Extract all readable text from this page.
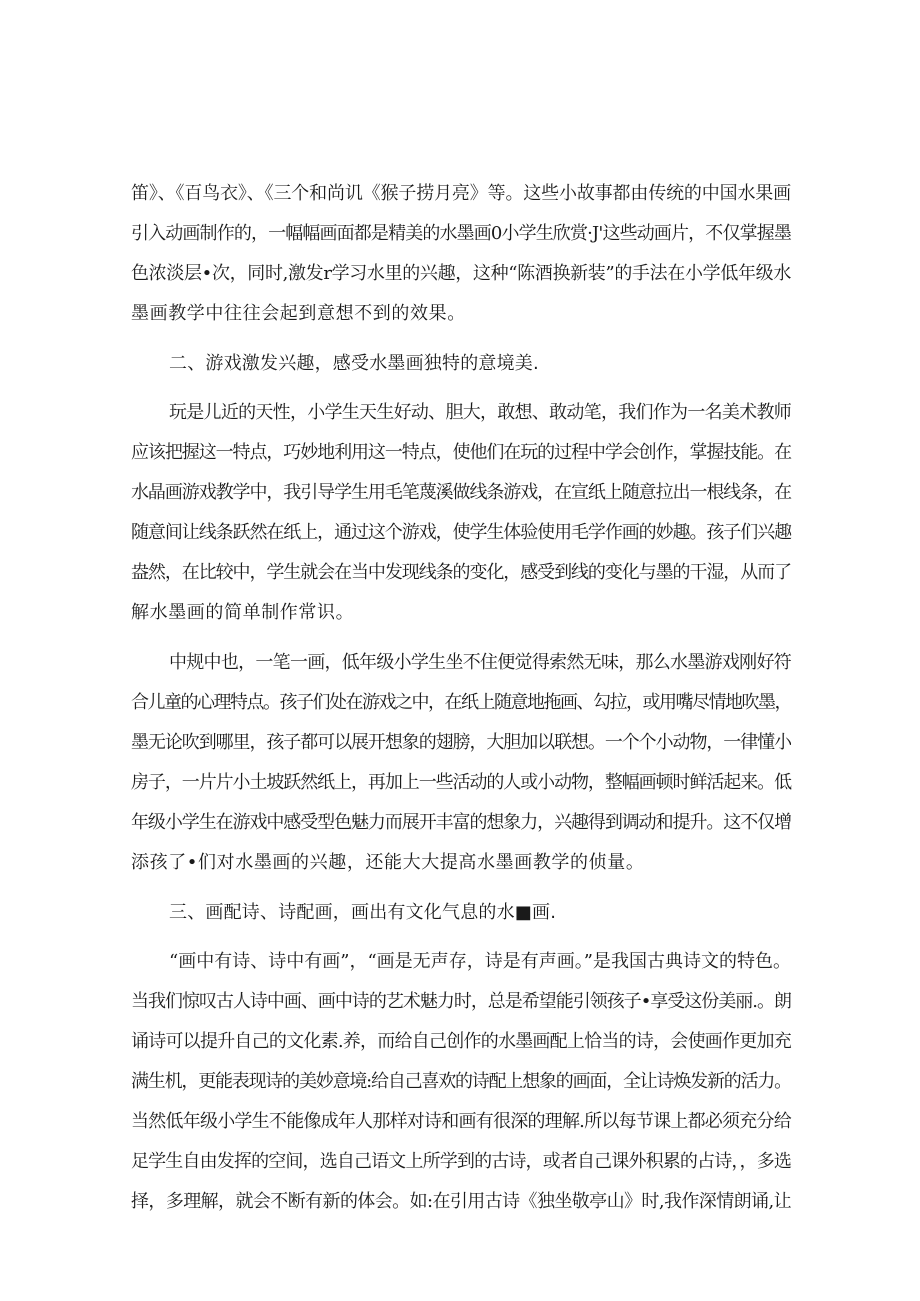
笛》、《百鸟衣》、《三个和尚讥《猴子捞月亮》等。这些小故事都由传统的中国水果画
引入动画制作的，一幅幅画面都是精美的水墨画0小学生欣赏·J'这些动画片，不仅掌握墨
色浓淡层•次，同时,激发r学习水里的兴趣，这种“陈酒换新装”的手法在小学低年级水
墨画教学中往往会起到意想不到的效果。
二、游戏激发兴趣，感受水墨画独特的意境美.
玩是儿近的天性，小学生天生好动、胆大，敢想、敢动笔，我们作为一名美术教师
应该把握这一特点，巧妙地利用这一特点，使他们在玩的过程中学会创作，掌握技能。在
水晶画游戏教学中，我引导学生用毛笔蔑溪做线条游戏，在宣纸上随意拉出一根线条，在
随意间让线条跃然在纸上，通过这个游戏，使学生体验使用毛学作画的妙趣。孩子们兴趣
盎然，在比较中，学生就会在当中发现线条的变化，感受到线的变化与墨的干湿，从而了
解水墨画的简单制作常识。
中规中也，一笔一画，低年级小学生坐不住便觉得索然无味，那么水墨游戏刚好符
合儿童的心理特点。孩子们处在游戏之中，在纸上随意地拖画、勾拉，或用嘴尽情地吹墨，
墨无论吹到哪里，孩子都可以展开想象的翅膀，大胆加以联想。一个个小动物，一律懂小
房子，一片片小土坡跃然纸上，再加上一些活动的人或小动物，整幅画顿时鲜活起来。低
年级小学生在游戏中感受型色魅力而展开丰富的想象力，兴趣得到调动和提升。这不仅增
添孩了•们对水墨画的兴趣，还能大大提高水墨画教学的侦量。
三、画配诗、诗配画，画出有文化气息的水■画.
“画中有诗、诗中有画”，“画是无声存，诗是有声画。”是我国古典诗文的特色。
当我们惊叹古人诗中画、画中诗的艺术魅力时，总是希望能引领孩子•享受这份美丽.。朗
诵诗可以提升自己的文化素.养，而给自己创作的水墨画配上恰当的诗，会使画作更加充
满生机，更能表现诗的美妙意境:给自己喜欢的诗配上想象的画面，全让诗焕发新的活力。
当然低年级小学生不能像成年人那样对诗和画有很深的理解.所以每节课上都必须充分给
足学生自由发挥的空间，选自己语文上所学到的古诗，或者自己课外积累的占诗，，多选
择，多理解，就会不断有新的体会。如:在引用古诗《独坐敬亭山》时,我作深情朗诵,让
